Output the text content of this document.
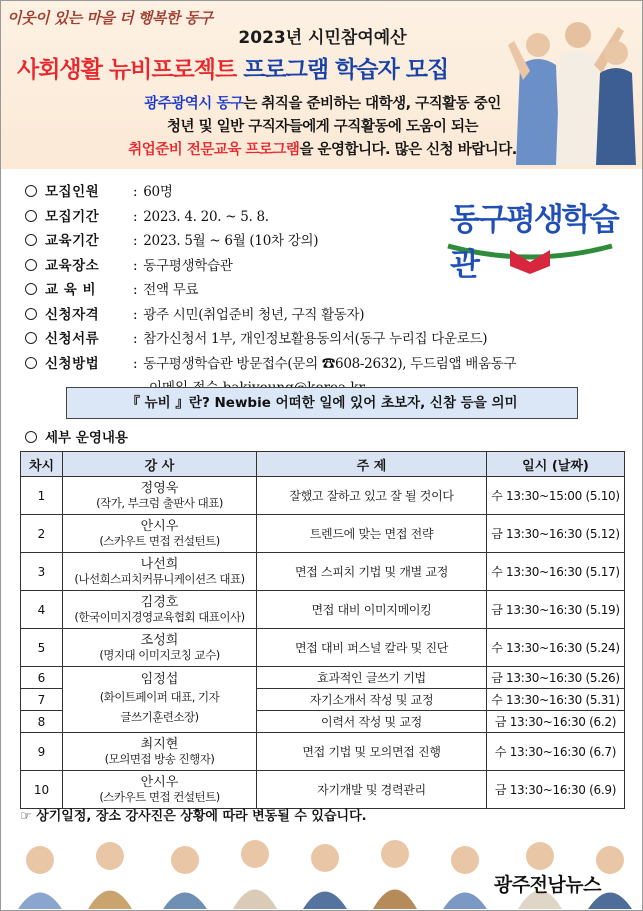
이웃이 있는 마을 더 행복한 동구
2023년 시민참여예산
사회생활 뉴비프로젝트 프로그램 학습자 모집
광주광역시 동구는 취직을 준비하는 대학생, 구직활동 중인
청년 및 일반 구직자들에게 구직활동에 도움이 되는
취업준비 전문교육 프로그램을 운영합니다. 많은 신청 바랍니다.
모집인원	: 60명
모집기간	: 2023. 4. 20. ~ 5. 8.
교육기간	: 2023. 5월 ~ 6월 (10차 강의)
교육장소	: 동구평생학습관
교 육 비	: 전액 무료
신청자격	: 광주 시민(취업준비 청년, 구직 활동자)
신청서류	: 참가신청서 1부, 개인정보활용동의서(동구 누리집 다운로드)
신청방법	: 동구평생학습관 방문접수(문의 ☎608-2632), 두드림앱 배움동구
동구평생학습관
『 뉴비 』란? Newbie 어떠한 일에 있어 초보자, 신참 등을 의미
세부 운영내용
차시	강 사	주 제	일시 (날짜)
1	정영욱
(작가, 부크럼 출판사 대표)	잘했고 잘하고 있고 잘 될 것이다	수 13:30~15:00 (5.10)
2	안시우
(스카우트 면접 컨설턴트)	트렌드에 맞는 면접 전략	금 13:30~16:30 (5.12)
3	나선희
(나선희스피치커뮤니케이션즈 대표)	면접 스피치 기법 및 개별 교정	수 13:30~16:30 (5.17)
4	김경호
(한국이미지경영교육협회 대표이사)	면접 대비 이미지메이킹	금 13:30~16:30 (5.19)
5	조성희
(명지대 이미지코칭 교수)	면접 대비 퍼스널 칼라 및 진단	수 13:30~16:30 (5.24)
6	임정섭
(화이트페이퍼 대표, 기자
글쓰기훈련소장)	효과적인 글쓰기 기법	금 13:30~16:30 (5.26)
7		자기소개서 작성 및 교정	수 13:30~16:30 (5.31)
8		이력서 작성 및 교정	금 13:30~16:30 (6.2)
9	최지현
(모의면접 방송 진행자)	면접 기법 및 모의면접 진행	수 13:30~16:30 (6.7)
10	안시우
(스카우트 면접 컨설턴트)	자기개발 및 경력관리	금 13:30~16:30 (6.9)
☞ 상기일정, 장소 강사진은 상황에 따라 변동될 수 있습니다.
광주전남뉴스
